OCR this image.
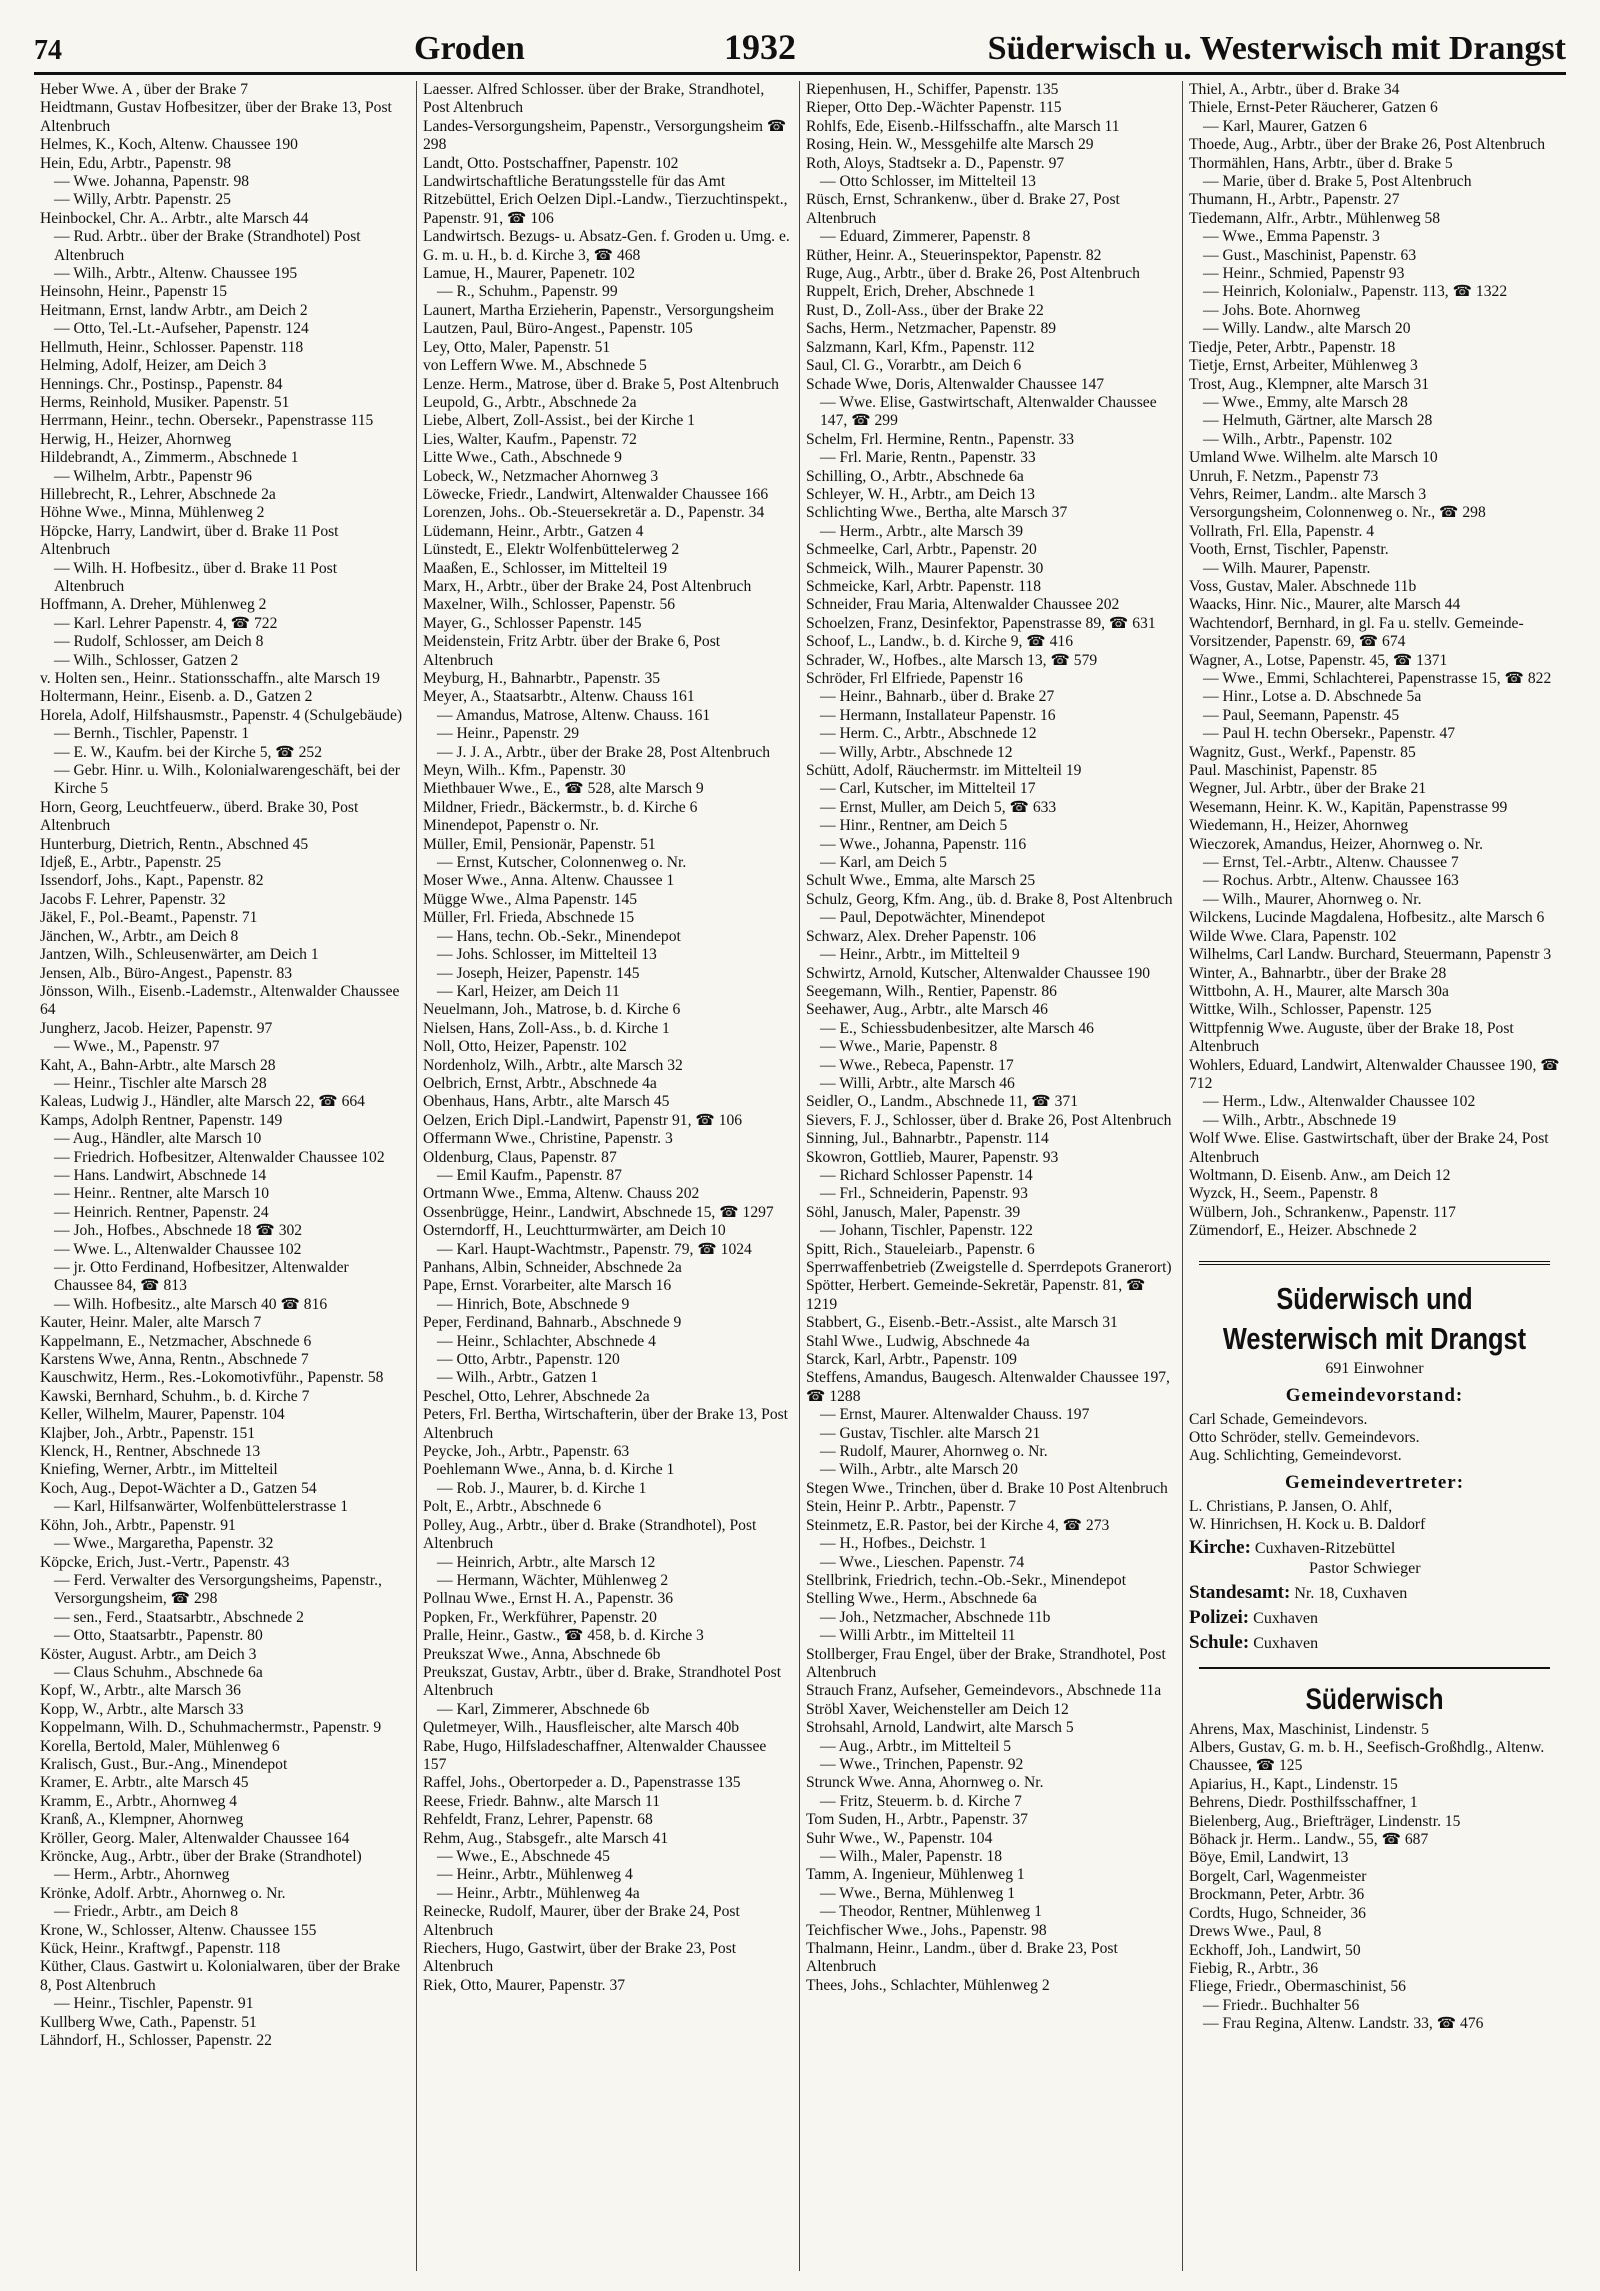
74	Groden	1932	Süderwisch u. Westerwisch mit Drangst

Heber Wwe. A , über der Brake 7

Heidtmann, Gustav Hofbesitzer, über der Brake 13, Post Altenbruch

Helmes, K., Koch, Altenw. Chaussee 190

Hein, Edu, Arbtr., Papenstr. 98

— Wwe. Johanna, Papenstr. 98

— Willy, Arbtr. Papenstr. 25

Heinbockel, Chr. A.. Arbtr., alte Marsch 44

— Rud. Arbtr.. über der Brake (Strandhotel) Post Altenbruch

— Wilh., Arbtr., Altenw. Chaussee 195

Heinsohn, Heinr., Papenstr 15

Heitmann, Ernst, landw Arbtr., am Deich 2

— Otto, Tel.-Lt.-Aufseher, Papenstr. 124

Hellmuth, Heinr., Schlosser. Papenstr. 118

Helming, Adolf, Heizer, am Deich 3

Hennings. Chr., Postinsp., Papenstr. 84

Herms, Reinhold, Musiker. Papenstr. 51

Herrmann, Heinr., techn. Obersekr., Papenstrasse 115

Herwig, H., Heizer, Ahornweg

Hildebrandt, A., Zimmerm., Abschnede 1

— Wilhelm, Arbtr., Papenstr 96

Hillebrecht, R., Lehrer, Abschnede 2a

Höhne Wwe., Minna, Mühlenweg 2

Höpcke, Harry, Landwirt, über d. Brake 11 Post Altenbruch

— Wilh. H. Hofbesitz., über d. Brake 11 Post Altenbruch

Hoffmann, A. Dreher, Mühlenweg 2

— Karl. Lehrer Papenstr. 4, ☎ 722

— Rudolf, Schlosser, am Deich 8

— Wilh., Schlosser, Gatzen 2

v. Holten sen., Heinr.. Stationsschaffn., alte Marsch 19

Holtermann, Heinr., Eisenb. a. D., Gatzen 2

Horela, Adolf, Hilfshausmstr., Papenstr. 4 (Schulgebäude)

— Bernh., Tischler, Papenstr. 1

— E. W., Kaufm. bei der Kirche 5, ☎ 252

— Gebr. Hinr. u. Wilh., Kolonialwarengeschäft, bei der Kirche 5

Horn, Georg, Leuchtfeuerw., überd. Brake 30, Post Altenbruch

Hunterburg, Dietrich, Rentn., Abschned 45

Idjeß, E., Arbtr., Papenstr. 25

Issendorf, Johs., Kapt., Papenstr. 82

Jacobs F. Lehrer, Papenstr. 32

Jäkel, F., Pol.-Beamt., Papenstr. 71

Jänchen, W., Arbtr., am Deich 8

Jantzen, Wilh., Schleusenwärter, am Deich 1

Jensen, Alb., Büro-Angest., Papenstr. 83

Jönsson, Wilh., Eisenb.-Lademstr., Altenwalder Chaussee 64

Jungherz, Jacob. Heizer, Papenstr. 97

— Wwe., M., Papenstr. 97

Kaht, A., Bahn-Arbtr., alte Marsch 28

— Heinr., Tischler alte Marsch 28

Kaleas, Ludwig J., Händler, alte Marsch 22, ☎ 664

Kamps, Adolph Rentner, Papenstr. 149

— Aug., Händler, alte Marsch 10

— Friedrich. Hofbesitzer, Altenwalder Chaussee 102

— Hans. Landwirt, Abschnede 14

— Heinr.. Rentner, alte Marsch 10

— Heinrich. Rentner, Papenstr. 24

— Joh., Hofbes., Abschnede 18 ☎ 302

— Wwe. L., Altenwalder Chaussee 102

— jr. Otto Ferdinand, Hofbesitzer, Altenwalder Chaussee 84, ☎ 813

— Wilh. Hofbesitz., alte Marsch 40 ☎ 816

Kauter, Heinr. Maler, alte Marsch 7

Kappelmann, E., Netzmacher, Abschnede 6

Karstens Wwe, Anna, Rentn., Abschnede 7

Kauschwitz, Herm., Res.-Lokomotivführ., Papenstr. 58

Kawski, Bernhard, Schuhm., b. d. Kirche 7

Keller, Wilhelm, Maurer, Papenstr. 104

Klajber, Joh., Arbtr., Papenstr. 151

Klenck, H., Rentner, Abschnede 13

Kniefing, Werner, Arbtr., im Mittelteil

Koch, Aug., Depot-Wächter a D., Gatzen 54

— Karl, Hilfsanwärter, Wolfenbüttelerstrasse 1

Köhn, Joh., Arbtr., Papenstr. 91

— Wwe., Margaretha, Papenstr. 32

Köpcke, Erich, Just.-Vertr., Papenstr. 43

— Ferd. Verwalter des Versorgungsheims, Papenstr., Versorgungsheim, ☎ 298

— sen., Ferd., Staatsarbtr., Abschnede 2

— Otto, Staatsarbtr., Papenstr. 80

Köster, August. Arbtr., am Deich 3

— Claus Schuhm., Abschnede 6a

Kopf, W., Arbtr., alte Marsch 36

Kopp, W., Arbtr., alte Marsch 33

Koppelmann, Wilh. D., Schuhmachermstr., Papenstr. 9

Korella, Bertold, Maler, Mühlenweg 6

Kralisch, Gust., Bur.-Ang., Minendepot

Kramer, E. Arbtr., alte Marsch 45

Kramm, E., Arbtr., Ahornweg 4

Kranß, A., Klempner, Ahornweg

Kröller, Georg. Maler, Altenwalder Chaussee 164

Kröncke, Aug., Arbtr., über der Brake (Strandhotel)

— Herm., Arbtr., Ahornweg

Krönke, Adolf. Arbtr., Ahornweg o. Nr.

— Friedr., Arbtr., am Deich 8

Krone, W., Schlosser, Altenw. Chaussee 155

Kück, Heinr., Kraftwgf., Papenstr. 118

Küther, Claus. Gastwirt u. Kolonialwaren, über der Brake 8, Post Altenbruch

— Heinr., Tischler, Papenstr. 91

Kullberg Wwe, Cath., Papenstr. 51

Lähndorf, H., Schlosser, Papenstr. 22

Laesser. Alfred Schlosser. über der Brake, Strandhotel, Post Altenbruch

Landes-Versorgungsheim, Papenstr., Versorgungsheim ☎ 298

Landt, Otto. Postschaffner, Papenstr. 102

Landwirtschaftliche Beratungsstelle für das Amt Ritzebüttel, Erich Oelzen Dipl.-Landw., Tierzuchtinspekt., Papenstr. 91, ☎ 106

Landwirtsch. Bezugs- u. Absatz-Gen. f. Groden u. Umg. e. G. m. u. H., b. d. Kirche 3, ☎ 468

Lamue, H., Maurer, Papenetr. 102

— R., Schuhm., Papenstr. 99

Launert, Martha Erzieherin, Papenstr., Versorgungsheim

Lautzen, Paul, Büro-Angest., Papenstr. 105

Ley, Otto, Maler, Papenstr. 51

von Leffern Wwe. M., Abschnede 5

Lenze. Herm., Matrose, über d. Brake 5, Post Altenbruch

Leupold, G., Arbtr., Abschnede 2a

Liebe, Albert, Zoll-Assist., bei der Kirche 1

Lies, Walter, Kaufm., Papenstr. 72

Litte Wwe., Cath., Abschnede 9

Lobeck, W., Netzmacher Ahornweg 3

Löwecke, Friedr., Landwirt, Altenwalder Chaussee 166

Lorenzen, Johs.. Ob.-Steuersekretär a. D., Papenstr. 34

Lüdemann, Heinr., Arbtr., Gatzen 4

Lünstedt, E., Elektr Wolfenbüttelerweg 2

Maaßen, E., Schlosser, im Mittelteil 19

Marx, H., Arbtr., über der Brake 24, Post Altenbruch

Maxelner, Wilh., Schlosser, Papenstr. 56

Mayer, G., Schlosser Papenstr. 145

Meidenstein, Fritz Arbtr. über der Brake 6, Post Altenbruch

Meyburg, H., Bahnarbtr., Papenstr. 35

Meyer, A., Staatsarbtr., Altenw. Chauss 161

— Amandus, Matrose, Altenw. Chauss. 161

— Heinr., Papenstr. 29

— J. J. A., Arbtr., über der Brake 28, Post Altenbruch

Meyn, Wilh.. Kfm., Papenstr. 30

Miethbauer Wwe., E., ☎ 528, alte Marsch 9

Mildner, Friedr., Bäckermstr., b. d. Kirche 6

Minendepot, Papenstr o. Nr.

Müller, Emil, Pensionär, Papenstr. 51

— Ernst, Kutscher, Colonnenweg o. Nr.

Moser Wwe., Anna. Altenw. Chaussee 1

Mügge Wwe., Alma Papenstr. 145

Müller, Frl. Frieda, Abschnede 15

— Hans, techn. Ob.-Sekr., Minendepot

— Johs. Schlosser, im Mittelteil 13

— Joseph, Heizer, Papenstr. 145

— Karl, Heizer, am Deich 11

Neuelmann, Joh., Matrose, b. d. Kirche 6

Nielsen, Hans, Zoll-Ass., b. d. Kirche 1

Noll, Otto, Heizer, Papenstr. 102

Nordenholz, Wilh., Arbtr., alte Marsch 32

Oelbrich, Ernst, Arbtr., Abschnede 4a

Obenhaus, Hans, Arbtr., alte Marsch 45

Oelzen, Erich Dipl.-Landwirt, Papenstr 91, ☎ 106

Offermann Wwe., Christine, Papenstr. 3

Oldenburg, Claus, Papenstr. 87

— Emil Kaufm., Papenstr. 87

Ortmann Wwe., Emma, Altenw. Chauss 202

Ossenbrügge, Heinr., Landwirt, Abschnede 15, ☎ 1297

Osterndorff, H., Leuchtturmwärter, am Deich 10

— Karl. Haupt-Wachtmstr., Papenstr. 79, ☎ 1024

Panhans, Albin, Schneider, Abschnede 2a

Pape, Ernst. Vorarbeiter, alte Marsch 16

— Hinrich, Bote, Abschnede 9

Peper, Ferdinand, Bahnarb., Abschnede 9

— Heinr., Schlachter, Abschnede 4

— Otto, Arbtr., Papenstr. 120

— Wilh., Arbtr., Gatzen 1

Peschel, Otto, Lehrer, Abschnede 2a

Peters, Frl. Bertha, Wirtschafterin, über der Brake 13, Post Altenbruch

Peycke, Joh., Arbtr., Papenstr. 63

Poehlemann Wwe., Anna, b. d. Kirche 1

— Rob. J., Maurer, b. d. Kirche 1

Polt, E., Arbtr., Abschnede 6

Polley, Aug., Arbtr., über d. Brake (Strandhotel), Post Altenbruch

— Heinrich, Arbtr., alte Marsch 12

— Hermann, Wächter, Mühlenweg 2

Pollnau Wwe., Ernst H. A., Papenstr. 36

Popken, Fr., Werkführer, Papenstr. 20

Pralle, Heinr., Gastw., ☎ 458, b. d. Kirche 3

Preukszat Wwe., Anna, Abschnede 6b

Preukszat, Gustav, Arbtr., über d. Brake, Strandhotel Post Altenbruch

— Karl, Zimmerer, Abschnede 6b

Quletmeyer, Wilh., Hausfleischer, alte Marsch 40b

Rabe, Hugo, Hilfsladeschaffner, Altenwalder Chaussee 157

Raffel, Johs., Obertorpeder a. D., Papenstrasse 135

Reese, Friedr. Bahnw., alte Marsch 11

Rehfeldt, Franz, Lehrer, Papenstr. 68

Rehm, Aug., Stabsgefr., alte Marsch 41

— Wwe., E., Abschnede 45

— Heinr., Arbtr., Mühlenweg 4

— Heinr., Arbtr., Mühlenweg 4a

Reinecke, Rudolf, Maurer, über der Brake 24, Post Altenbruch

Riechers, Hugo, Gastwirt, über der Brake 23, Post Altenbruch

Riek, Otto, Maurer, Papenstr. 37

Riepenhusen, H., Schiffer, Papenstr. 135

Rieper, Otto Dep.-Wächter Papenstr. 115

Rohlfs, Ede, Eisenb.-Hilfsschaffn., alte Marsch 11

Rosing, Hein. W., Messgehilfe alte Marsch 29

Roth, Aloys, Stadtsekr a. D., Papenstr. 97

— Otto Schlosser, im Mittelteil 13

Rüsch, Ernst, Schrankenw., über d. Brake 27, Post Altenbruch

— Eduard, Zimmerer, Papenstr. 8

Rüther, Heinr. A., Steuerinspektor, Papenstr. 82

Ruge, Aug., Arbtr., über d. Brake 26, Post Altenbruch

Ruppelt, Erich, Dreher, Abschnede 1

Rust, D., Zoll-Ass., über der Brake 22

Sachs, Herm., Netzmacher, Papenstr. 89

Salzmann, Karl, Kfm., Papenstr. 112

Saul, Cl. G., Vorarbtr., am Deich 6

Schade Wwe, Doris, Altenwalder Chaussee 147

— Wwe. Elise, Gastwirtschaft, Altenwalder Chaussee 147, ☎ 299

Schelm, Frl. Hermine, Rentn., Papenstr. 33

— Frl. Marie, Rentn., Papenstr. 33

Schilling, O., Arbtr., Abschnede 6a

Schleyer, W. H., Arbtr., am Deich 13

Schlichting Wwe., Bertha, alte Marsch 37

— Herm., Arbtr., alte Marsch 39

Schmeelke, Carl, Arbtr., Papenstr. 20

Schmeick, Wilh., Maurer Papenstr. 30

Schmeicke, Karl, Arbtr. Papenstr. 118

Schneider, Frau Maria, Altenwalder Chaussee 202

Schoelzen, Franz, Desinfektor, Papenstrasse 89, ☎ 631

Schoof, L., Landw., b. d. Kirche 9, ☎ 416

Schrader, W., Hofbes., alte Marsch 13, ☎ 579

Schröder, Frl Elfriede, Papenstr 16

— Heinr., Bahnarb., über d. Brake 27

— Hermann, Installateur Papenstr. 16

— Herm. C., Arbtr., Abschnede 12

— Willy, Arbtr., Abschnede 12

Schütt, Adolf, Räuchermstr. im Mittelteil 19

— Carl, Kutscher, im Mittelteil 17

— Ernst, Muller, am Deich 5, ☎ 633

— Hinr., Rentner, am Deich 5

— Wwe., Johanna, Papenstr. 116

— Karl, am Deich 5

Schult Wwe., Emma, alte Marsch 25

Schulz, Georg, Kfm. Ang., üb. d. Brake 8, Post Altenbruch

— Paul, Depotwächter, Minendepot

Schwarz, Alex. Dreher Papenstr. 106

— Heinr., Arbtr., im Mittelteil 9

Schwirtz, Arnold, Kutscher, Altenwalder Chaussee 190

Seegemann, Wilh., Rentier, Papenstr. 86

Seehawer, Aug., Arbtr., alte Marsch 46

— E., Schiessbudenbesitzer, alte Marsch 46

— Wwe., Marie, Papenstr. 8

— Wwe., Rebeca, Papenstr. 17

— Willi, Arbtr., alte Marsch 46

Seidler, O., Landm., Abschnede 11, ☎ 371

Sievers, F. J., Schlosser, über d. Brake 26, Post Altenbruch

Sinning, Jul., Bahnarbtr., Papenstr. 114

Skowron, Gottlieb, Maurer, Papenstr. 93

— Richard Schlosser Papenstr. 14

— Frl., Schneiderin, Papenstr. 93

Söhl, Janusch, Maler, Papenstr. 39

— Johann, Tischler, Papenstr. 122

Spitt, Rich., Staueleiarb., Papenstr. 6

Sperrwaffenbetrieb (Zweigstelle d. Sperrdepots Granerort)

Spötter, Herbert. Gemeinde-Sekretär, Papenstr. 81, ☎ 1219

Stabbert, G., Eisenb.-Betr.-Assist., alte Marsch 31

Stahl Wwe., Ludwig, Abschnede 4a

Starck, Karl, Arbtr., Papenstr. 109

Steffens, Amandus, Baugesch. Altenwalder Chaussee 197, ☎ 1288

— Ernst, Maurer. Altenwalder Chauss. 197

— Gustav, Tischler. alte Marsch 21

— Rudolf, Maurer, Ahornweg o. Nr.

— Wilh., Arbtr., alte Marsch 20

Stegen Wwe., Trinchen, über d. Brake 10 Post Altenbruch

Stein, Heinr P.. Arbtr., Papenstr. 7

Steinmetz, E.R. Pastor, bei der Kirche 4, ☎ 273

— H., Hofbes., Deichstr. 1

— Wwe., Lieschen. Papenstr. 74

Stellbrink, Friedrich, techn.-Ob.-Sekr., Minendepot

Stelling Wwe., Herm., Abschnede 6a

— Joh., Netzmacher, Abschnede 11b

— Willi Arbtr., im Mittelteil 11

Stollberger, Frau Engel, über der Brake, Strandhotel, Post Altenbruch

Strauch Franz, Aufseher, Gemeindevors., Abschnede 11a

Ströbl Xaver, Weichensteller am Deich 12

Strohsahl, Arnold, Landwirt, alte Marsch 5

— Aug., Arbtr., im Mittelteil 5

— Wwe., Trinchen, Papenstr. 92

Strunck Wwe. Anna, Ahornweg o. Nr.

— Fritz, Steuerm. b. d. Kirche 7

Tom Suden, H., Arbtr., Papenstr. 37

Suhr Wwe., W., Papenstr. 104

— Wilh., Maler, Papenstr. 18

Tamm, A. Ingenieur, Mühlenweg 1

— Wwe., Berna, Mühlenweg 1

— Theodor, Rentner, Mühlenweg 1

Teichfischer Wwe., Johs., Papenstr. 98

Thalmann, Heinr., Landm., über d. Brake 23, Post Altenbruch

Thees, Johs., Schlachter, Mühlenweg 2

Thiel, A., Arbtr., über d. Brake 34

Thiele, Ernst-Peter Räucherer, Gatzen 6

— Karl, Maurer, Gatzen 6

Thoede, Aug., Arbtr., über der Brake 26, Post Altenbruch

Thormählen, Hans, Arbtr., über d. Brake 5

— Marie, über d. Brake 5, Post Altenbruch

Thumann, H., Arbtr., Papenstr. 27

Tiedemann, Alfr., Arbtr., Mühlenweg 58

— Wwe., Emma Papenstr. 3

— Gust., Maschinist, Papenstr. 63

— Heinr., Schmied, Papenstr 93

— Heinrich, Kolonialw., Papenstr. 113, ☎ 1322

— Johs. Bote. Ahornweg

— Willy. Landw., alte Marsch 20

Tiedje, Peter, Arbtr., Papenstr. 18

Tietje, Ernst, Arbeiter, Mühlenweg 3

Trost, Aug., Klempner, alte Marsch 31

— Wwe., Emmy, alte Marsch 28

— Helmuth, Gärtner, alte Marsch 28

— Wilh., Arbtr., Papenstr. 102

Umland Wwe. Wilhelm. alte Marsch 10

Unruh, F. Netzm., Papenstr 73

Vehrs, Reimer, Landm.. alte Marsch 3

Versorgungsheim, Colonnenweg o. Nr., ☎ 298

Vollrath, Frl. Ella, Papenstr. 4

Vooth, Ernst, Tischler, Papenstr.

— Wilh. Maurer, Papenstr.

Voss, Gustav, Maler. Abschnede 11b

Waacks, Hinr. Nic., Maurer, alte Marsch 44

Wachtendorf, Bernhard, in gl. Fa u. stellv. Gemeinde-Vorsitzender, Papenstr. 69, ☎ 674

Wagner, A., Lotse, Papenstr. 45, ☎ 1371

— Wwe., Emmi, Schlachterei, Papenstrasse 15, ☎ 822

— Hinr., Lotse a. D. Abschnede 5a

— Paul, Seemann, Papenstr. 45

— Paul H. techn Obersekr., Papenstr. 47

Wagnitz, Gust., Werkf., Papenstr. 85

Paul. Maschinist, Papenstr. 85

Wegner, Jul. Arbtr., über der Brake 21

Wesemann, Heinr. K. W., Kapitän, Papenstrasse 99

Wiedemann, H., Heizer, Ahornweg

Wieczorek, Amandus, Heizer, Ahornweg o. Nr.

— Ernst, Tel.-Arbtr., Altenw. Chaussee 7

— Rochus. Arbtr., Altenw. Chaussee 163

— Wilh., Maurer, Ahornweg o. Nr.

Wilckens, Lucinde Magdalena, Hofbesitz., alte Marsch 6

Wilde Wwe. Clara, Papenstr. 102

Wilhelms, Carl Landw. Burchard, Steuermann, Papenstr 3

Winter, A., Bahnarbtr., über der Brake 28

Wittbohn, A. H., Maurer, alte Marsch 30a

Wittke, Wilh., Schlosser, Papenstr. 125

Wittpfennig Wwe. Auguste, über der Brake 18, Post Altenbruch

Wohlers, Eduard, Landwirt, Altenwalder Chaussee 190, ☎ 712

— Herm., Ldw., Altenwalder Chaussee 102

— Wilh., Arbtr., Abschnede 19

Wolf Wwe. Elise. Gastwirtschaft, über der Brake 24, Post Altenbruch

Woltmann, D. Eisenb. Anw., am Deich 12

Wyzck, H., Seem., Papenstr. 8

Wülbern, Joh., Schrankenw., Papenstr. 117

Zümendorf, E., Heizer. Abschnede 2

Süderwisch und

Westerwisch mit Drangst

691 Einwohner
Gemeindevorstand:
Carl Schade, Gemeindevors.
Otto Schröder, stellv. Gemeindevors.
Aug. Schlichting, Gemeindevorst.
Gemeindevertreter:
L. Christians, P. Jansen, O. Ahlf,
W. Hinrichsen, H. Kock u. B. Daldorf
Kirche: Cuxhaven-Ritzebüttel
Pastor Schwieger
Standesamt: Nr. 18, Cuxhaven
Polizei: Cuxhaven
Schule: Cuxhaven

Süderwisch

Ahrens, Max, Maschinist, Lindenstr. 5

Albers, Gustav, G. m. b. H., Seefisch-Großhdlg., Altenw. Chaussee, ☎ 125

Apiarius, H., Kapt., Lindenstr. 15

Behrens, Diedr. Posthilfsschaffner, 1

Bielenberg, Aug., Briefträger, Lindenstr. 15

Böhack jr. Herm.. Landw., 55, ☎ 687

Böye, Emil, Landwirt, 13

Borgelt, Carl, Wagenmeister

Brockmann, Peter, Arbtr. 36

Cordts, Hugo, Schneider, 36

Drews Wwe., Paul, 8

Eckhoff, Joh., Landwirt, 50

Fiebig, R., Arbtr., 36

Fliege, Friedr., Obermaschinist, 56

— Friedr.. Buchhalter 56

— Frau Regina, Altenw. Landstr. 33, ☎ 476
